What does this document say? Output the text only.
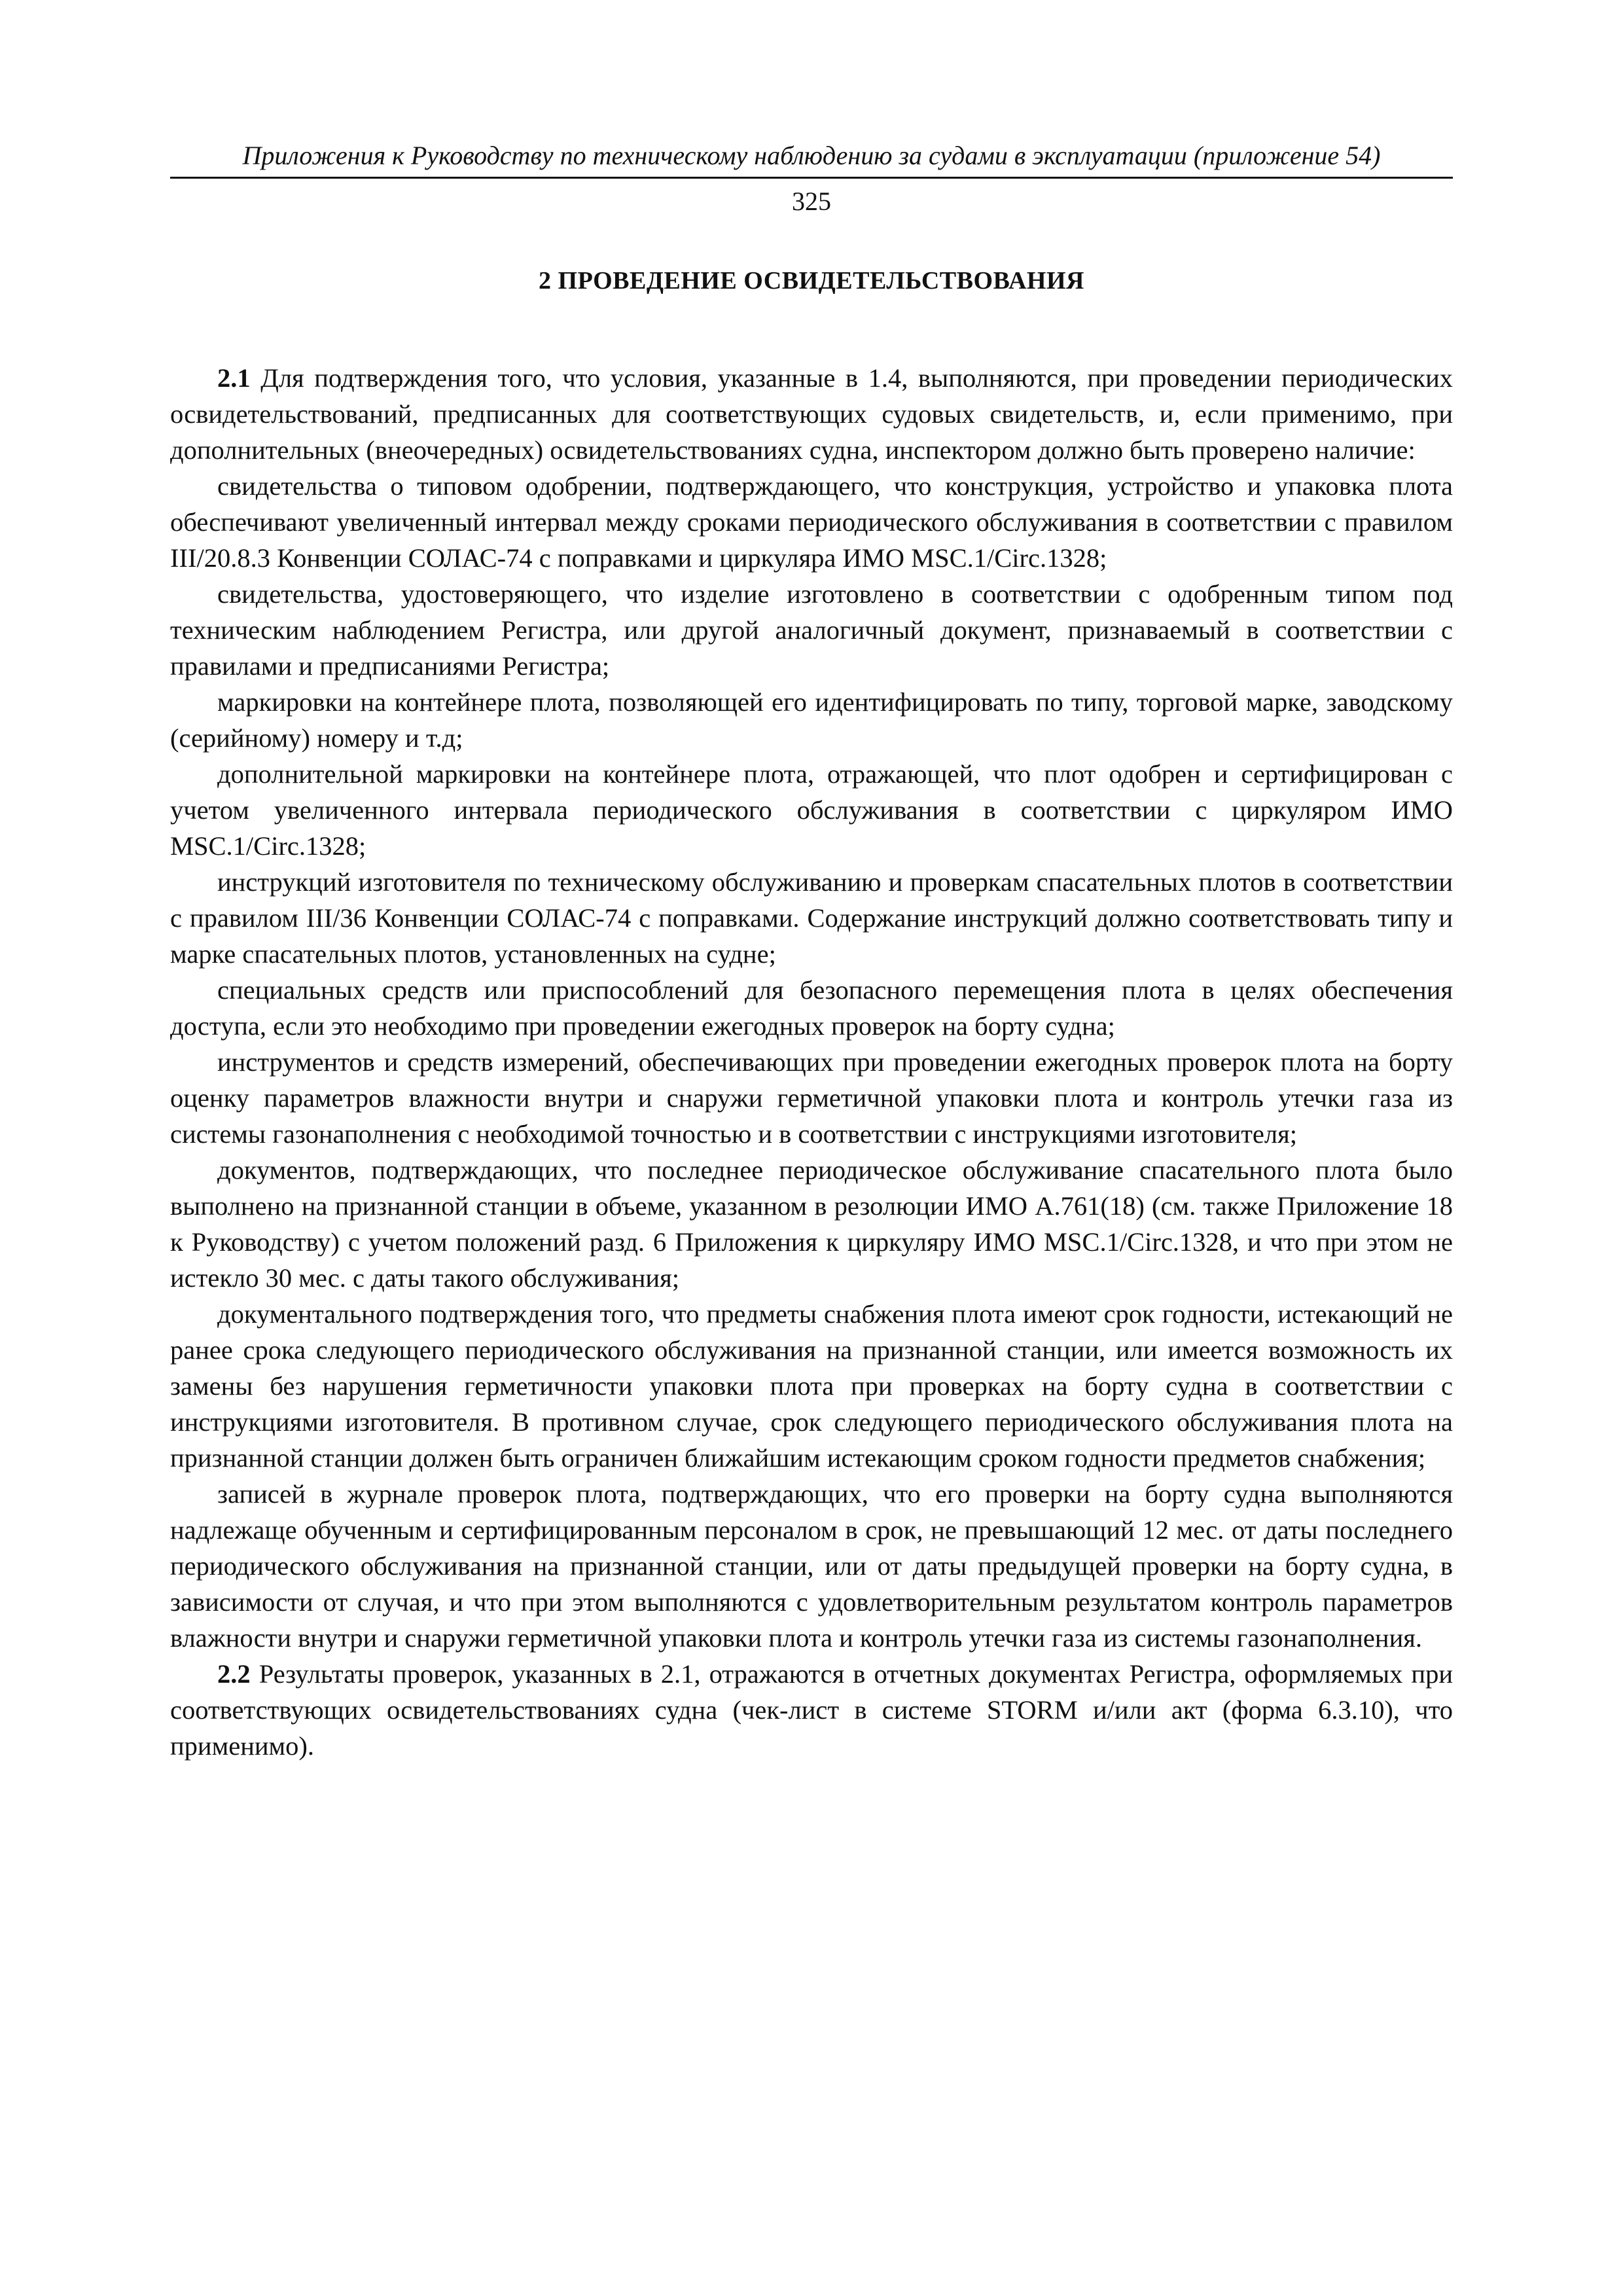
Приложения к Руководству по техническому наблюдению за судами в эксплуатации (приложение 54)
325
2 ПРОВЕДЕНИЕ ОСВИДЕТЕЛЬСТВОВАНИЯ

2.1 Для подтверждения того, что условия, указанные в 1.4, выполняются, при проведении периодических освидетельствований, предписанных для соответствующих судовых свидетельств, и, если применимо, при дополнительных (внеочередных) освидетельствованиях судна, инспектором должно быть проверено наличие:

свидетельства о типовом одобрении, подтверждающего, что конструкция, устройство и упаковка плота обеспечивают увеличенный интервал между сроками периодического обслуживания в соответствии с правилом III/20.8.3 Конвенции СОЛАС-74 с поправками и циркуляра ИМО MSC.1/Circ.1328;

свидетельства, удостоверяющего, что изделие изготовлено в соответствии с одобренным типом под техническим наблюдением Регистра, или другой аналогичный документ, признаваемый в соответствии с правилами и предписаниями Регистра;

маркировки на контейнере плота, позволяющей его идентифицировать по типу, торговой марке, заводскому (серийному) номеру и т.д;

дополнительной маркировки на контейнере плота, отражающей, что плот одобрен и сертифицирован с учетом увеличенного интервала периодического обслуживания в соответствии с циркуляром ИМО MSC.1/Circ.1328;

инструкций изготовителя по техническому обслуживанию и проверкам спасательных плотов в соответствии с правилом III/36 Конвенции СОЛАС-74 с поправками. Содержание инструкций должно соответствовать типу и марке спасательных плотов, установленных на судне;

специальных средств или приспособлений для безопасного перемещения плота в целях обеспечения доступа, если это необходимо при проведении ежегодных проверок на борту судна;

инструментов и средств измерений, обеспечивающих при проведении ежегодных проверок плота на борту оценку параметров влажности внутри и снаружи герметичной упаковки плота и контроль утечки газа из системы газонаполнения с необходимой точностью и в соответствии с инструкциями изготовителя;

документов, подтверждающих, что последнее периодическое обслуживание спасательного плота было выполнено на признанной станции в объеме, указанном в резолюции ИМО А.761(18) (см. также Приложение 18 к Руководству) с учетом положений разд. 6 Приложения к циркуляру ИМО MSC.1/Circ.1328, и что при этом не истекло 30 мес. с даты такого обслуживания;

документального подтверждения того, что предметы снабжения плота имеют срок годности, истекающий не ранее срока следующего периодического обслуживания на признанной станции, или имеется возможность их замены без нарушения герметичности упаковки плота при проверках на борту судна в соответствии с инструкциями изготовителя. В противном случае, срок следующего периодического обслуживания плота на признанной станции должен быть ограничен ближайшим истекающим сроком годности предметов снабжения;

записей в журнале проверок плота, подтверждающих, что его проверки на борту судна выполняются надлежаще обученным и сертифицированным персоналом в срок, не превышающий 12 мес. от даты последнего периодического обслуживания на признанной станции, или от даты предыдущей проверки на борту судна, в зависимости от случая, и что при этом выполняются с удовлетворительным результатом контроль параметров влажности внутри и снаружи герметичной упаковки плота и контроль утечки газа из системы газонаполнения.

2.2 Результаты проверок, указанных в 2.1, отражаются в отчетных документах Регистра, оформляемых при соответствующих освидетельствованиях судна (чек-лист в системе STORM и/или акт (форма 6.3.10), что применимо).
